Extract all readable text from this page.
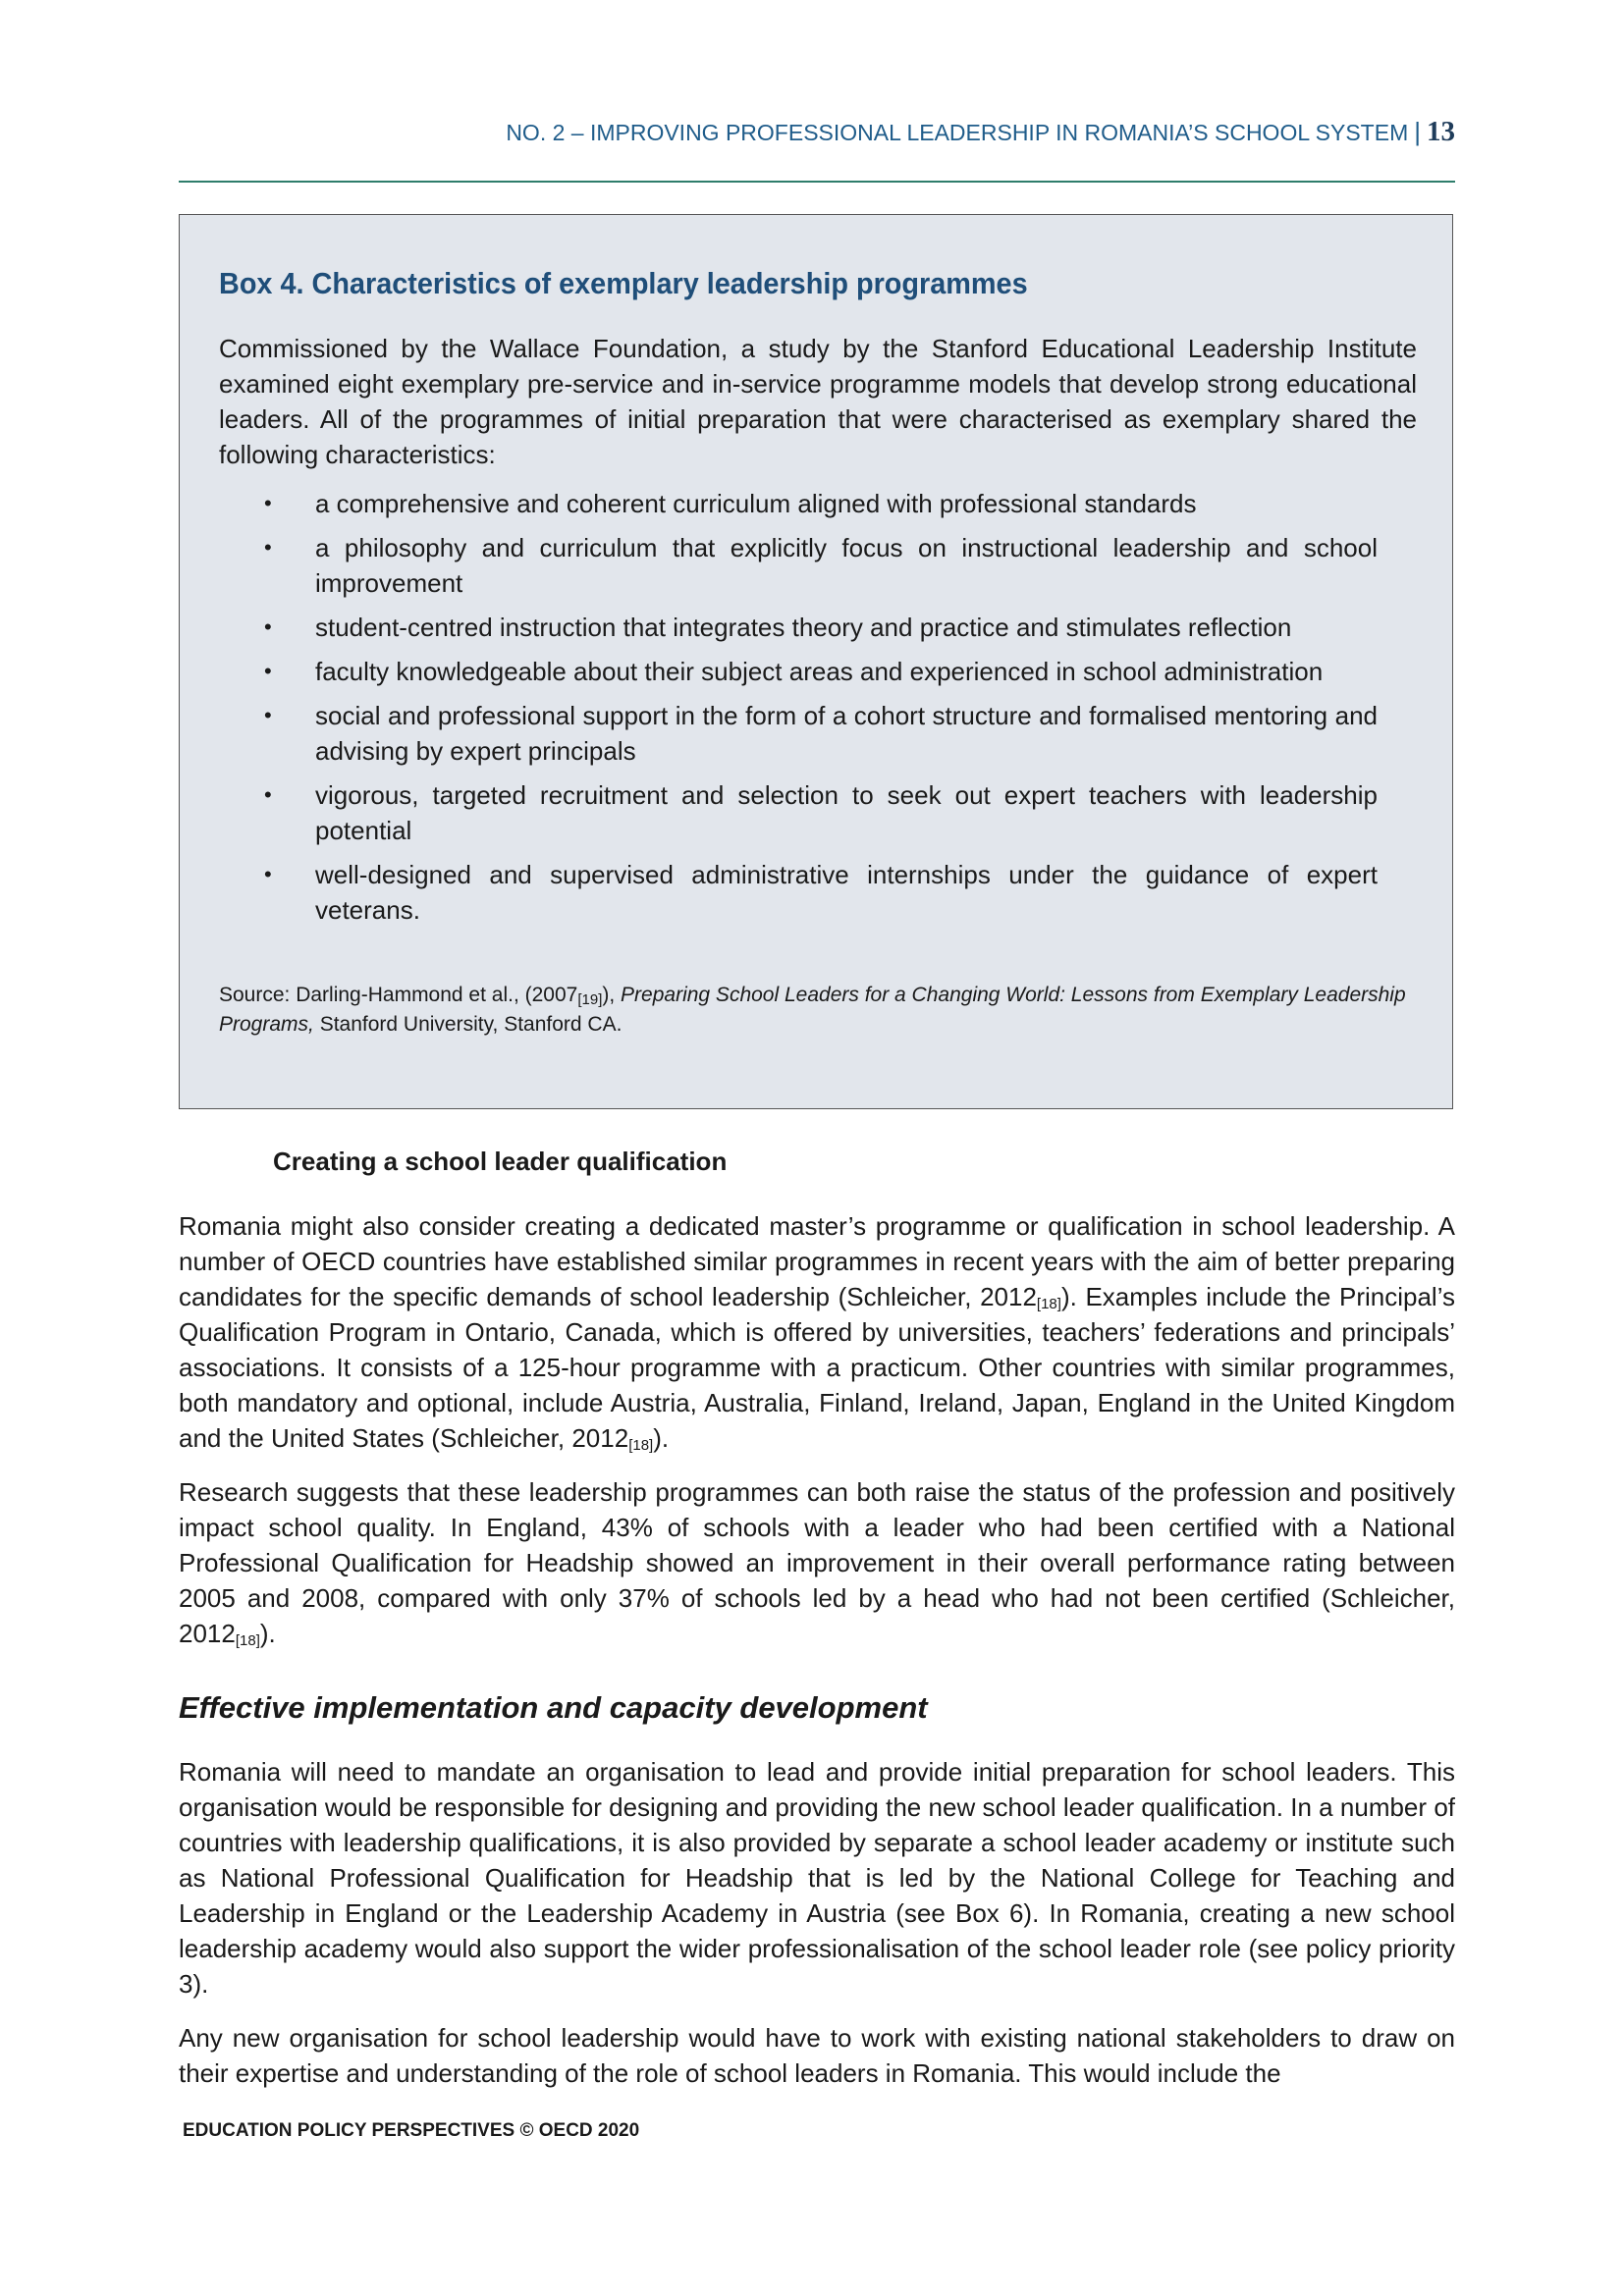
NO. 2 – IMPROVING PROFESSIONAL LEADERSHIP IN ROMANIA’S SCHOOL SYSTEM | 13
Box 4. Characteristics of exemplary leadership programmes

Commissioned by the Wallace Foundation, a study by the Stanford Educational Leadership Institute examined eight exemplary pre-service and in-service programme models that develop strong educational leaders. All of the programmes of initial preparation that were characterised as exemplary shared the following characteristics:

• a comprehensive and coherent curriculum aligned with professional standards
• a philosophy and curriculum that explicitly focus on instructional leadership and school improvement
• student-centred instruction that integrates theory and practice and stimulates reflection
• faculty knowledgeable about their subject areas and experienced in school administration
• social and professional support in the form of a cohort structure and formalised mentoring and advising by expert principals
• vigorous, targeted recruitment and selection to seek out expert teachers with leadership potential
• well-designed and supervised administrative internships under the guidance of expert veterans.

Source: Darling-Hammond et al., $(2007_{[19]})$, Preparing School Leaders for a Changing World: Lessons from Exemplary Leadership Programs, Stanford University, Stanford CA.

Creating a school leader qualification

Romania might also consider creating a dedicated master’s programme or qualification in school leadership. A number of OECD countries have established similar programmes in recent years with the aim of better preparing candidates for the specific demands of school leadership (Schleicher, $2012_{[18]}$). Examples include the Principal’s Qualification Program in Ontario, Canada, which is offered by universities, teachers’ federations and principals’ associations. It consists of a 125-hour programme with a practicum. Other countries with similar programmes, both mandatory and optional, include Austria, Australia, Finland, Ireland, Japan, England in the United Kingdom and the United States (Schleicher, $2012_{[18]}$).

Research suggests that these leadership programmes can both raise the status of the profession and positively impact school quality. In England, 43% of schools with a leader who had been certified with a National Professional Qualification for Headship showed an improvement in their overall performance rating between 2005 and 2008, compared with only 37% of schools led by a head who had not been certified (Schleicher, $2012_{[18]}$).

Effective implementation and capacity development

Romania will need to mandate an organisation to lead and provide initial preparation for school leaders. This organisation would be responsible for designing and providing the new school leader qualification. In a number of countries with leadership qualifications, it is also provided by separate a school leader academy or institute such as National Professional Qualification for Headship that is led by the National College for Teaching and Leadership in England or the Leadership Academy in Austria (see Box 6). In Romania, creating a new school leadership academy would also support the wider professionalisation of the school leader role (see policy priority 3).

Any new organisation for school leadership would have to work with existing national stakeholders to draw on their expertise and understanding of the role of school leaders in Romania. This would include the

EDUCATION POLICY PERSPECTIVES © OECD 2020
